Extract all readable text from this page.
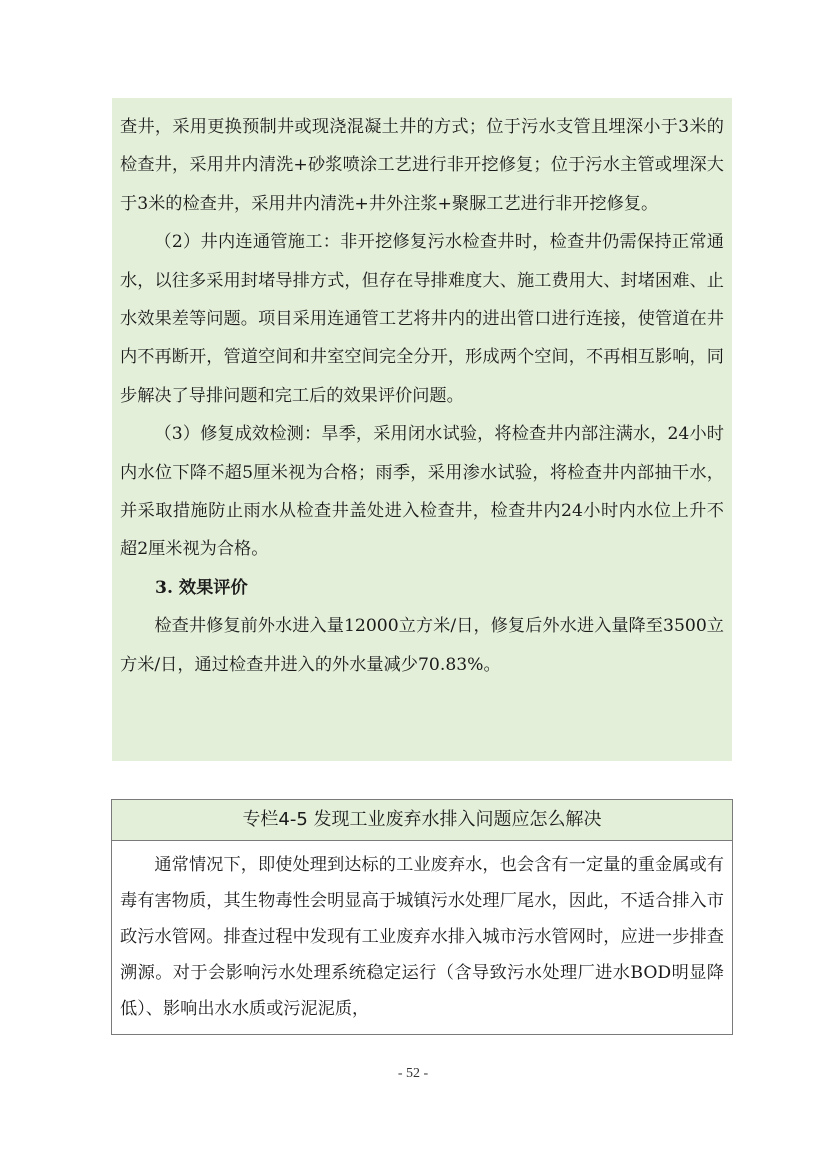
查井，采用更换预制井或现浇混凝土井的方式；位于污水支管且埋深小于3米的检查井，采用井内清洗+砂浆喷涂工艺进行非开挖修复；位于污水主管或埋深大于3米的检查井，采用井内清洗+井外注浆+聚脲工艺进行非开挖修复。

（2）井内连通管施工：非开挖修复污水检查井时，检查井仍需保持正常通水，以往多采用封堵导排方式，但存在导排难度大、施工费用大、封堵困难、止水效果差等问题。项目采用连通管工艺将井内的进出管口进行连接，使管道在井内不再断开，管道空间和井室空间完全分开，形成两个空间，不再相互影响，同步解决了导排问题和完工后的效果评价问题。

（3）修复成效检测：旱季，采用闭水试验，将检查井内部注满水，24小时内水位下降不超5厘米视为合格；雨季，采用渗水试验，将检查井内部抽干水，并采取措施防止雨水从检查井盖处进入检查井，检查井内24小时内水位上升不超2厘米视为合格。

3. 效果评价

检查井修复前外水进入量12000立方米/日，修复后外水进入量降至3500立方米/日，通过检查井进入的外水量减少70.83%。

专栏4-5 发现工业废弃水排入问题应怎么解决

通常情况下，即使处理到达标的工业废弃水，也会含有一定量的重金属或有毒有害物质，其生物毒性会明显高于城镇污水处理厂尾水，因此，不适合排入市政污水管网。排查过程中发现有工业废弃水排入城市污水管网时，应进一步排查溯源。对于会影响污水处理系统稳定运行（含导致污水处理厂进水BOD明显降低）、影响出水水质或污泥泥质，

- 52 -
